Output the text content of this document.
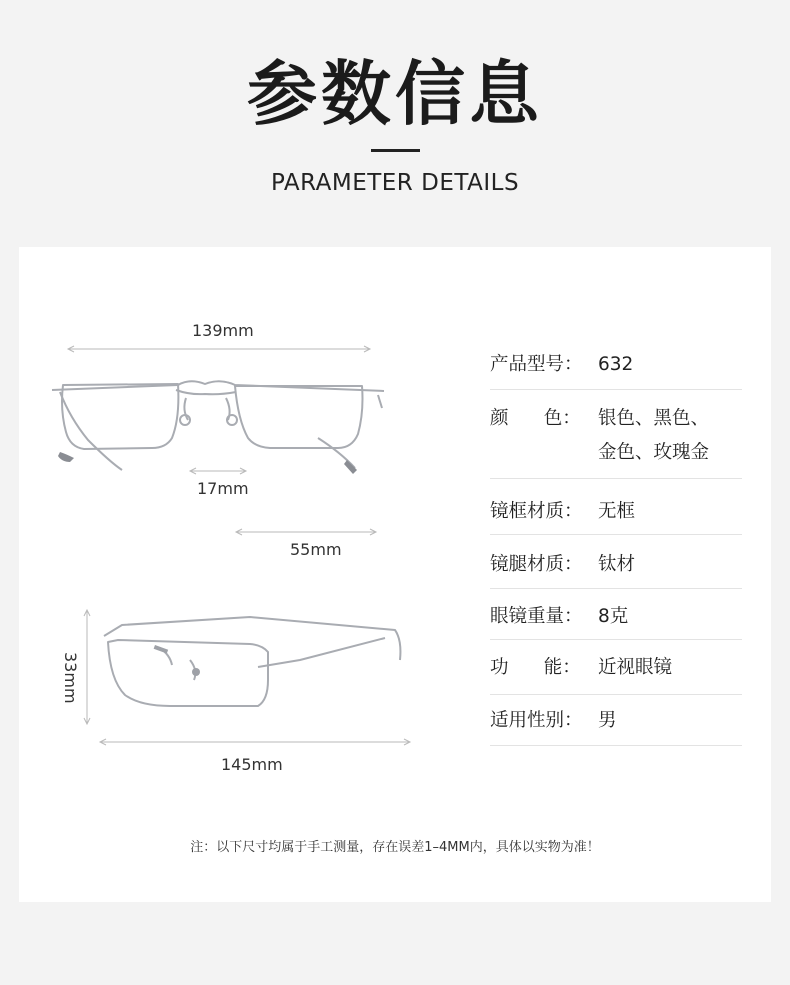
参数信息
PARAMETER DETAILS
139mm
17mm
55mm
33mm
145mm
产品型号： 632
颜      色： 银色、黑色、
金色、玫瑰金
镜框材质： 无框
镜腿材质： 钛材
眼镜重量： 8克
功      能： 近视眼镜
适用性别： 男
注：以下尺寸均属于手工测量，存在误差1–4MM内，具体以实物为准！
